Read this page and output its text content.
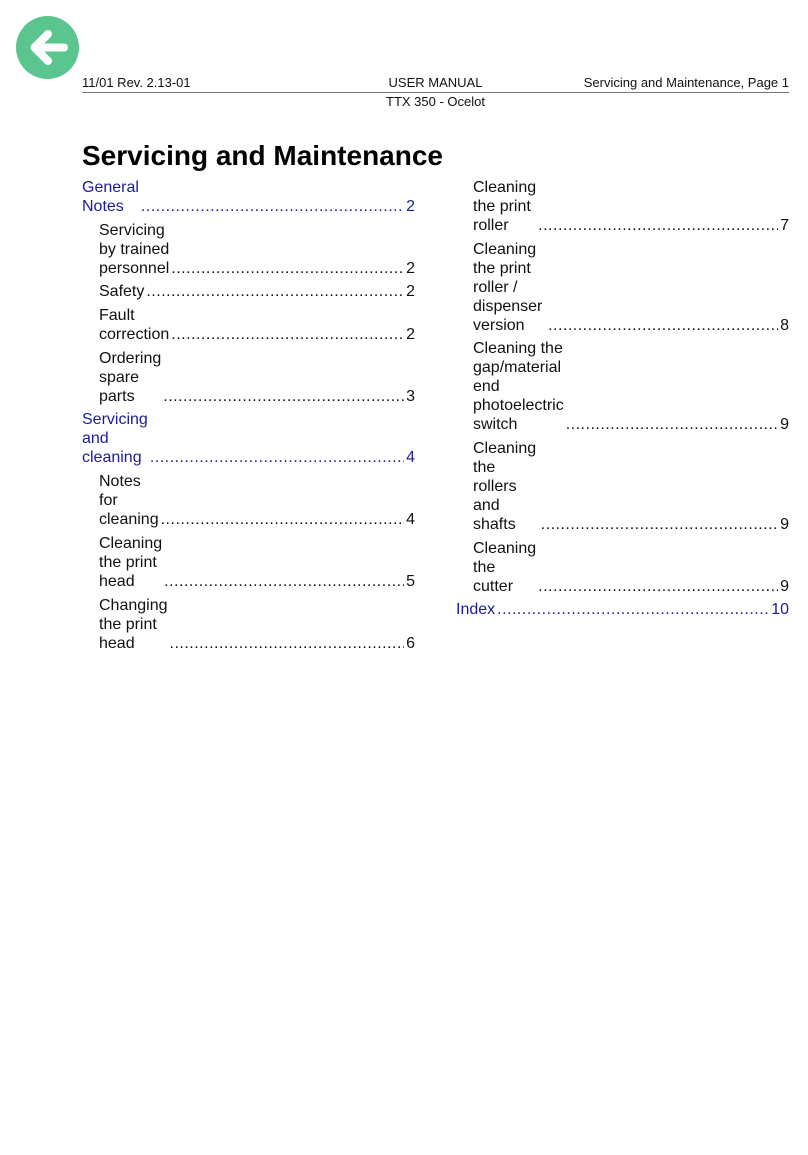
11/01 Rev. 2.13-01	USER MANUAL	Servicing and Maintenance, Page 1
TTX 350 - Ocelot
Servicing and Maintenance
General Notes .....	2
Servicing by trained personnel .....	2
Safety .....	2
Fault correction .....	2
Ordering spare parts .....	3
Servicing and cleaning .....	4
Notes for cleaning .....	4
Cleaning the print head .....	5
Changing the print head .....	6
Cleaning the print roller .....	7
Cleaning the print roller / dispenser
version .....	8
Cleaning the gap/material end
photoelectric switch .....	9
Cleaning the rollers and shafts .....	9
Cleaning the cutter .....	9
Index .....	10
